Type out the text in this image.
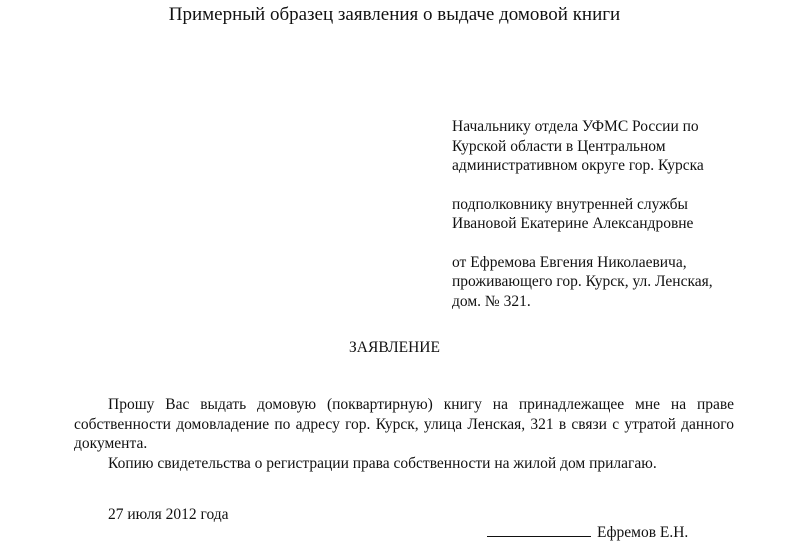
Примерный образец заявления о выдаче домовой книги
Начальнику отдела УФМС России по
Курской области в Центральном
административном округе гор. Курска
подполковнику внутренней службы
Ивановой Екатерине Александровне
от Ефремова Евгения Николаевича,
проживающего гор. Курск, ул. Ленская,
дом. № 321.
ЗАЯВЛЕНИЕ

Прошу Вас выдать домовую (поквартирную) книгу на принадлежащее мне на праве собственности домовладение по адресу гор. Курск, улица Ленская, 321 в связи с утратой данного документа.

Копию свидетельства о регистрации права собственности на жилой дом прилагаю.

27 июля 2012 года
Ефремов Е.Н.
